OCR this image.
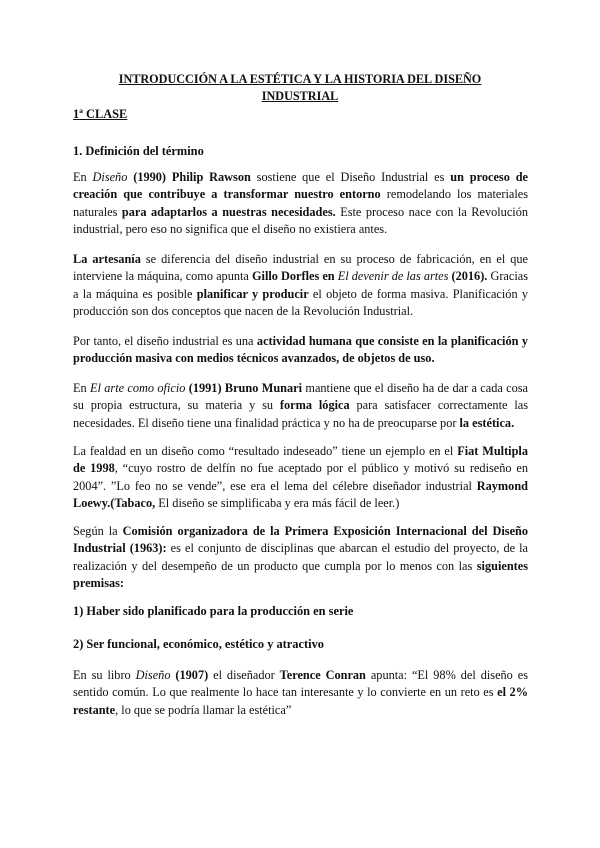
INTRODUCCIÓN A LA ESTÉTICA Y LA HISTORIA DEL DISEÑO
INDUSTRIAL

1ª CLASE

1. Definición del término

En Diseño (1990) Philip Rawson sostiene que el Diseño Industrial es un proceso de creación que contribuye a transformar nuestro entorno remodelando los materiales naturales para adaptarlos a nuestras necesidades. Este proceso nace con la Revolución industrial, pero eso no significa que el diseño no existiera antes.

La artesanía se diferencia del diseño industrial en su proceso de fabricación, en el que interviene la máquina, como apunta Gillo Dorfles en El devenir de las artes (2016). Gracias a la máquina es posible planificar y producir el objeto de forma masiva. Planificación y producción son dos conceptos que nacen de la Revolución Industrial.

Por tanto, el diseño industrial es una actividad humana que consiste en la planificación y producción masiva con medios técnicos avanzados, de objetos de uso.

En El arte como oficio (1991) Bruno Munari mantiene que el diseño ha de dar a cada cosa su propia estructura, su materia y su forma lógica para satisfacer correctamente las necesidades. El diseño tiene una finalidad práctica y no ha de preocuparse por la estética.

La fealdad en un diseño como “resultado indeseado” tiene un ejemplo en el Fiat Multipla de 1998, “cuyo rostro de delfín no fue aceptado por el público y motivó su rediseño en 2004”. ”Lo feo no se vende”, ese era el lema del célebre diseñador industrial Raymond Loewy.(Tabaco, El diseño se simplificaba y era más fácil de leer.)

Según la Comisión organizadora de la Primera Exposición Internacional del Diseño Industrial (1963): es el conjunto de disciplinas que abarcan el estudio del proyecto, de la realización y del desempeño de un producto que cumpla por lo menos con las siguientes premisas:

1) Haber sido planificado para la producción en serie

2) Ser funcional, económico, estético y atractivo

En su libro Diseño (1907) el diseñador Terence Conran apunta: “El 98% del diseño es sentido común. Lo que realmente lo hace tan interesante y lo convierte en un reto es el 2% restante, lo que se podría llamar la estética”
